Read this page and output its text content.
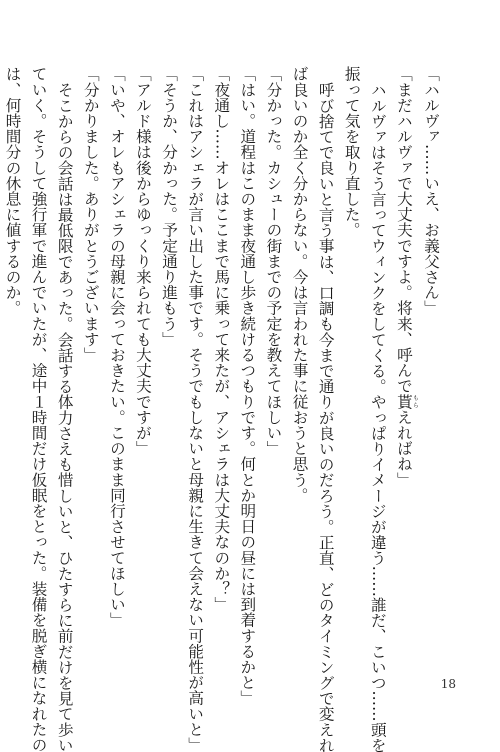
「ハルヴァ……いえ、お義父さん」
「まだハルヴァで大丈夫ですよ。将来、呼んで貰もらえればね」
ハルヴァはそう言ってウィンクをしてくる。やっぱりイメージが違う……誰だ、こいつ……頭を
振って気を取り直した。
呼び捨てで良いと言う事は、口調も今まで通りが良いのだろう。正直、どのタイミングで変えれ
ば良いのか全く分からない。今は言われた事に従おうと思う。
「分かった。カシューの街までの予定を教えてほしい」
「はい。道程はこのまま夜通し歩き続けるつもりです。何とか明日の昼には到着するかと」
「夜通し……オレはここまで馬に乗って来たが、アシェラは大丈夫なのか？」
「これはアシェラが言い出した事です。そうでもしないと母親に生きて会えない可能性が高いと」
「そうか、分かった。予定通り進もう」
「アルド様は後からゆっくり来られても大丈夫ですが」
「いや、オレもアシェラの母親に会っておきたい。このまま同行させてほしい」
「分かりました。ありがとうございます」
そこからの会話は最低限であった。会話する体力さえも惜しいと、ひたすらに前だけを見て歩い
ていく。そうして強行軍で進んでいたが、途中１時間だけ仮眠をとった。装備を脱ぎ横になれたの
は、何時間分の休息に値するのか。
18
